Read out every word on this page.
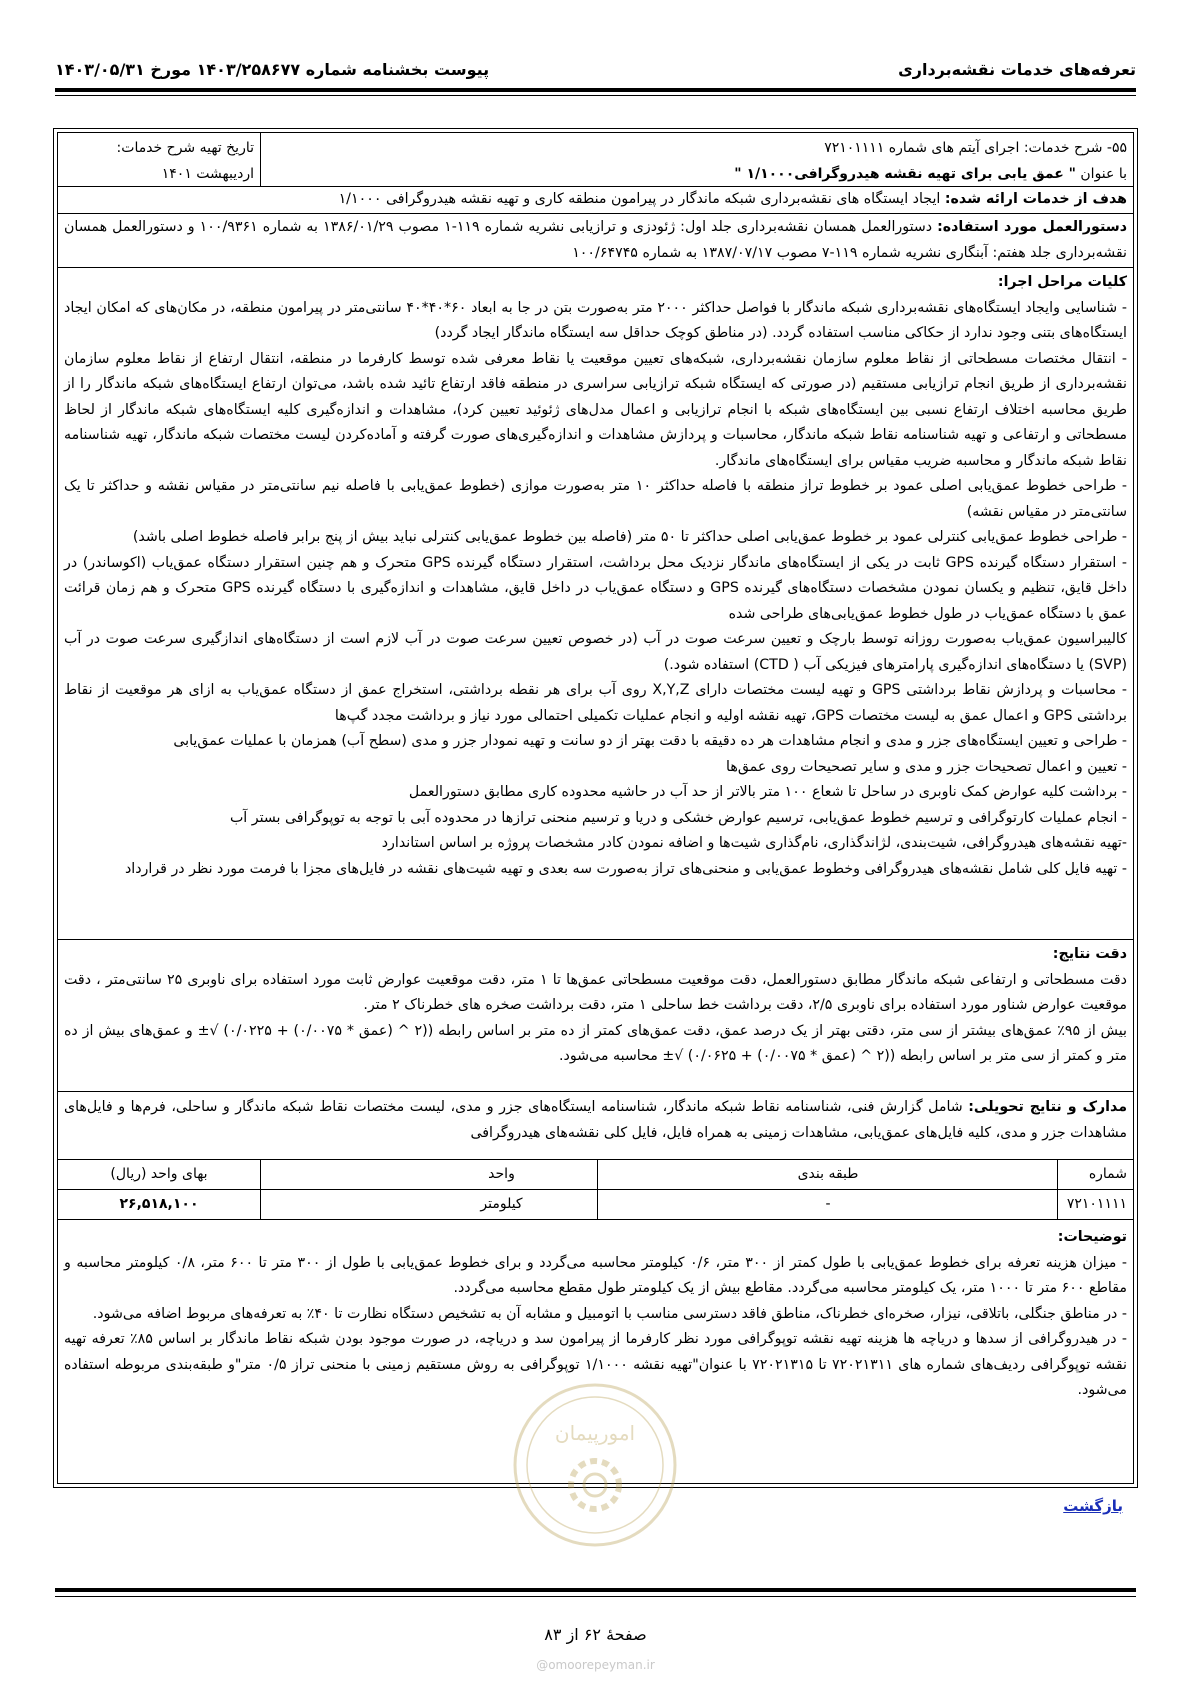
تعرفه‌های خدمات نقشه‌برداری
پیوست بخشنامه شماره ۱۴۰۳/۲۵۸۶۷۷ مورخ ۱۴۰۳/۰۵/۳۱
۵۵- شرح خدمات: اجرای آیتم های شماره ۷۲۱۰۱۱۱۱
با عنوان " عمق یابی برای تهیه نقشه هیدروگرافی۱/۱۰۰۰ "
تاریخ تهیه شرح خدمات:
اردیبهشت ۱۴۰۱
هدف از خدمات ارائه شده: ایجاد ایستگاه های نقشه‌برداری شبکه ماندگار در پیرامون منطقه کاری و تهیه نقشه هیدروگرافی ۱/۱۰۰۰
دستورالعمل مورد استفاده: دستورالعمل همسان نقشه‌برداری جلد اول: ژئودزی و ترازیابی نشریه شماره ۱۱۹-۱ مصوب ۱۳۸۶/۰۱/۲۹ به شماره ۱۰۰/۹۳۶۱ و دستورالعمل همسان نقشه‌برداری جلد هفتم: آبنگاری نشریه شماره ۱۱۹-۷ مصوب ۱۳۸۷/۰۷/۱۷ به شماره ۱۰۰/۶۴۷۴۵
کلیات مراحل اجرا:
- شناسایی وایجاد ایستگاه‌های نقشه‌برداری شبکه ماندگار با فواصل حداکثر ۲۰۰۰ متر به‌صورت بتن در جا به ابعاد ۶۰*۴۰*۴۰ سانتی‌متر در پیرامون منطقه، در مکان‌های که امکان ایجاد ایستگاه‌های بتنی وجود ندارد از حکاکی مناسب استفاده گردد. (در مناطق کوچک حداقل سه ایستگاه ماندگار ایجاد گردد)
- انتقال مختصات مسطحاتی از نقاط معلوم سازمان نقشه‌برداری، شبکه‌های تعیین موقعیت یا نقاط معرفی شده توسط کارفرما در منطقه، انتقال ارتفاع از نقاط معلوم سازمان نقشه‌برداری از طریق انجام ترازیابی مستقیم (در صورتی که ایستگاه شبکه ترازیابی سراسری در منطقه فاقد ارتفاع تائید شده باشد، می‌توان ارتفاع ایستگاه‌های شبکه ماندگار را از طریق محاسبه اختلاف ارتفاع نسبی بین ایستگاه‌های شبکه با انجام ترازیابی و اعمال مدل‌های ژئوئید تعیین کرد)، مشاهدات و اندازه‌گیری کلیه ایستگاه‌های شبکه ماندگار از لحاظ مسطحاتی و ارتفاعی و تهیه شناسنامه نقاط شبکه ماندگار، محاسبات و پردازش مشاهدات و اندازه‌گیری‌های صورت گرفته و آماده‌کردن لیست مختصات شبکه ماندگار، تهیه شناسنامه نقاط شبکه ماندگار و محاسبه ضریب مقیاس برای ایستگاه‌های ماندگار.
- طراحی خطوط عمق‌یابی اصلی عمود بر خطوط تراز منطقه با فاصله حداکثر ۱۰ متر به‌صورت موازی (خطوط عمق‌یابی با فاصله نیم سانتی‌متر در مقیاس نقشه و حداکثر تا یک سانتی‌متر در مقیاس نقشه)
- طراحی خطوط عمق‌یابی کنترلی عمود بر خطوط عمق‌یابی اصلی حداکثر تا ۵۰ متر (فاصله بین خطوط عمق‌یابی کنترلی نباید بیش از پنج برابر فاصله خطوط اصلی باشد)
- استقرار دستگاه گیرنده GPS ثابت در یکی از ایستگاه‌های ماندگار نزدیک محل برداشت، استقرار دستگاه گیرنده GPS متحرک و هم چنین استقرار دستگاه عمق‌یاب (اکوساندر) در داخل قایق، تنظیم و یکسان نمودن مشخصات دستگاه‌های گیرنده GPS و دستگاه عمق‌یاب در داخل قایق، مشاهدات و اندازه‌گیری با دستگاه گیرنده GPS متحرک و هم زمان قرائت عمق با دستگاه عمق‌یاب در طول خطوط عمق‌یابی‌های طراحی شده
کالیبراسیون عمق‌یاب به‌صورت روزانه توسط بارچک و تعیین سرعت صوت در آب (در خصوص تعیین سرعت صوت در آب لازم است از دستگاه‌های اندازگیری سرعت صوت در آب (SVP) یا دستگاه‌های اندازه‌گیری پارامترهای فیزیکی آب ( CTD) استفاده شود.)
- محاسبات و پردازش نقاط برداشتی GPS و تهیه لیست مختصات دارای X,Y,Z روی آب برای هر نقطه برداشتی، استخراج عمق از دستگاه عمق‌یاب به ازای هر موقعیت از نقاط برداشتی GPS و اعمال عمق به لیست مختصات GPS، تهیه نقشه اولیه و انجام عملیات تکمیلی احتمالی مورد نیاز و برداشت مجدد گپ‌ها
- طراحی و تعیین ایستگاه‌های جزر و مدی و انجام مشاهدات هر ده دقیقه با دقت بهتر از دو سانت و تهیه نمودار جزر و مدی (سطح آب) همزمان با عملیات عمق‌یابی
- تعیین و اعمال تصحیحات جزر و مدی و سایر تصحیحات روی عمق‌ها
- برداشت کلیه عوارض کمک ناوبری در ساحل تا شعاع ۱۰۰ متر بالاتر از حد آب در حاشیه محدوده کاری مطابق دستورالعمل
- انجام عملیات کارتوگرافی و ترسیم خطوط عمق‌یابی، ترسیم عوارض خشکی و دریا و ترسیم منحنی ترازها در محدوده آبی با توجه به توپوگرافی بستر آب
-تهیه نقشه‌های هیدروگرافی، شیت‌بندی، لژاندگذاری، نام‌گذاری شیت‌ها و اضافه نمودن کادر مشخصات پروژه بر اساس استاندارد
- تهیه فایل کلی شامل نقشه‌های هیدروگرافی وخطوط عمق‌یابی و منحنی‌های تراز به‌صورت سه بعدی و تهیه شیت‌های نقشه در فایل‌های مجزا با فرمت مورد نظر در قرارداد
دقت نتایج:
دقت مسطحاتی و ارتفاعی شبکه ماندگار مطابق دستورالعمل، دقت موقعیت مسطحاتی عمق‌ها تا ۱ متر، دقت موقعیت عوارض ثابت مورد استفاده برای ناوبری ۲۵ سانتی‌متر ، دقت موقعیت عوارض شناور مورد استفاده برای ناوبری ۲/۵، دقت برداشت خط ساحلی ۱ متر، دقت برداشت صخره های خطرناک ۲ متر.
بیش از ۹۵٪ عمق‌های بیشتر از سی متر، دقتی بهتر از یک درصد عمق، دقت عمق‌های کمتر از ده متر بر اساس رابطه ((۲ ^ (عمق * ۰/۰۰۷۵) + ۰/۰۲۲۵) √± و عمق‌های بیش از ده متر و کمتر از سی متر بر اساس رابطه ((۲ ^ (عمق * ۰/۰۰۷۵) + ۰/۰۶۲۵) √± محاسبه می‌شود.
مدارک و نتایج تحویلی: شامل گزارش فنی، شناسنامه نقاط شبکه ماندگار، شناسنامه ایستگاه‌های جزر و مدی، لیست مختصات نقاط شبکه ماندگار و ساحلی، فرم‌ها و فایل‌های مشاهدات جزر و مدی، کلیه فایل‌های عمق‌یابی، مشاهدات زمینی به همراه فایل، فایل کلی نقشه‌های هیدروگرافی
شماره
طبقه بندی
واحد
بهای واحد (ریال)
۷۲۱۰۱۱۱۱
-
کیلومتر
۲۶,۵۱۸,۱۰۰
توضیحات:
- میزان هزینه تعرفه برای خطوط عمق‌یابی با طول کمتر از ۳۰۰ متر، ۰/۶ کیلومتر محاسبه می‌گردد و برای خطوط عمق‌یابی با طول از ۳۰۰ متر تا ۶۰۰ متر، ۰/۸ کیلومتر محاسبه و مقاطع ۶۰۰ متر تا ۱۰۰۰ متر، یک کیلومتر محاسبه می‌گردد. مقاطع بیش از یک کیلومتر طول مقطع محاسبه می‌گردد.
- در مناطق جنگلی، باتلاقی، نیزار، صخره‌ای خطرناک، مناطق فاقد دسترسی مناسب با اتومبیل و مشابه آن به تشخیص دستگاه نظارت تا ۴۰٪ به تعرفه‌های مربوط اضافه می‌شود.
- در هیدروگرافی از سدها و دریاچه ها هزینه تهیه نقشه توپوگرافی مورد نظر کارفرما از پیرامون سد و دریاچه، در صورت موجود بودن شبکه نقاط ماندگار بر اساس ۸۵٪ تعرفه تهیه نقشه توپوگرافی ردیف‌های شماره های ۷۲۰۲۱۳۱۱ تا ۷۲۰۲۱۳۱۵ با عنوان"تهیه نقشه ۱/۱۰۰۰ توپوگرافی به روش مستقیم زمینی با منحنی تراز ۰/۵ متر"و طبقه‌بندی مربوطه استفاده می‌شود.
بازگشت
امورپیمان
صفحهٔ ۶۲ از ۸۳
@omoorepeyman.ir
